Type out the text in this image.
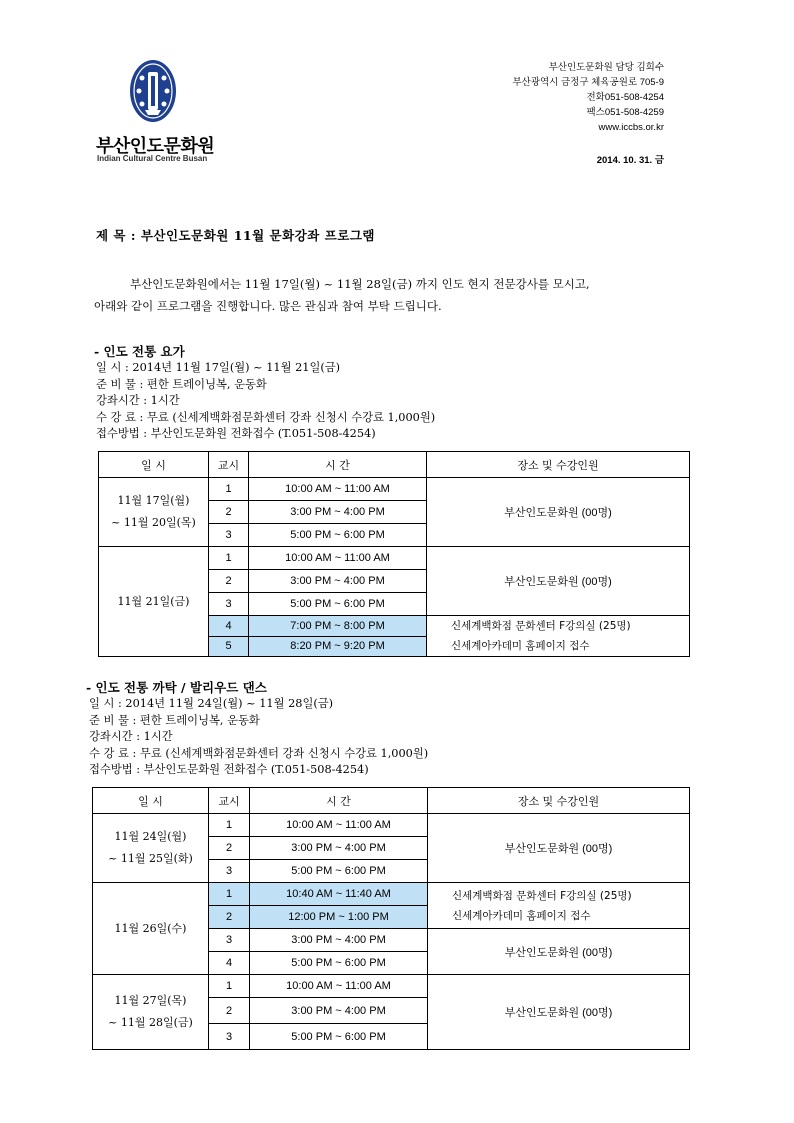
부산인도문화원
Indian Cultural Centre Busan
부산인도문화원 담당 김희수
부산광역시 금정구 체육공원로 705-9
전화051-508-4254
팩스051-508-4259
www.iccbs.or.kr
2014. 10. 31. 금
제 목 : 부산인도문화원 11월 문화강좌 프로그램

부산인도문화원에서는 11월 17일(월) ~ 11월 28일(금) 까지 인도 현지 전문강사를 모시고,

아래와 같이 프로그램을 진행합니다. 많은 관심과 참여 부탁 드립니다.

- 인도 전통 요가
일 시 : 2014년 11월 17일(월) ~ 11월 21일(금)
준 비 물 : 편한 트레이닝복, 운동화
강좌시간 : 1시간
수 강 료 : 무료 (신세계백화점문화센터 강좌 신청시 수강료 1,000원)
접수방법 : 부산인도문화원 전화접수 (T.051-508-4254)
일 시	교시	시 간	장소 및 수강인원

11월 17일(월)
~ 11월 20일(목)	1	10:00 AM ~ 11:00 AM	부산인도문화원 (00명)
	2	3:00 PM ~ 4:00 PM	
	3	5:00 PM ~ 6:00 PM	
11월 21일(금)	1	10:00 AM ~ 11:00 AM	부산인도문화원 (00명)
	2	3:00 PM ~ 4:00 PM	
	3	5:00 PM ~ 6:00 PM	
	4	7:00 PM ~ 8:00 PM	신세계백화점 문화센터 F강의실 (25명)
신세계아카데미 홈페이지 접수

	5	8:20 PM ~ 9:20 PM	
- 인도 전통 까탁 / 발리우드 댄스
일 시 : 2014년 11월 24일(월) ~ 11월 28일(금)
준 비 물 : 편한 트레이닝복, 운동화
강좌시간 : 1시간
수 강 료 : 무료 (신세계백화점문화센터 강좌 신청시 수강료 1,000원)
접수방법 : 부산인도문화원 전화접수 (T.051-508-4254)
일 시	교시	시 간	장소 및 수강인원

11월 24일(월)
~ 11월 25일(화)	1	10:00 AM ~ 11:00 AM	부산인도문화원 (00명)
	2	3:00 PM ~ 4:00 PM	
	3	5:00 PM ~ 6:00 PM	
11월 26일(수)	1	10:40 AM ~ 11:40 AM	신세계백화점 문화센터 F강의실 (25명)
신세계아카데미 홈페이지 접수

	2	12:00 PM ~ 1:00 PM	
	3	3:00 PM ~ 4:00 PM	부산인도문화원 (00명)
	4	5:00 PM ~ 6:00 PM	

11월 27일(목)
~ 11월 28일(금)	1	10:00 AM ~ 11:00 AM	부산인도문화원 (00명)
	2	3:00 PM ~ 4:00 PM	
	3	5:00 PM ~ 6:00 PM	
